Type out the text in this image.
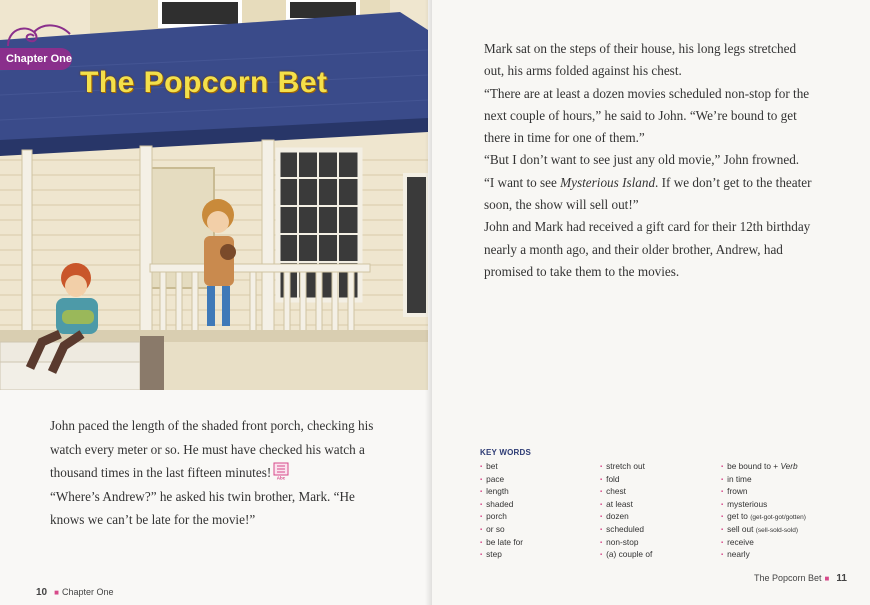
Chapter One
The Popcorn Bet

John paced the length of the shaded front porch, checking his watch every meter or so. He must have checked his watch a thousand times in the last fifteen minutes! Abc

“Where’s Andrew?” he asked his twin brother, Mark. “He knows we can’t be late for the movie!”

10 ■ Chapter One

Mark sat on the steps of their house, his long legs stretched out, his arms folded against his chest.

“There are at least a dozen movies scheduled non-stop for the next couple of hours,” he said to John. “We’re bound to get there in time for one of them.”

“But I don’t want to see just any old movie,” John frowned.

“I want to see Mysterious Island. If we don’t get to the theater soon, the show will sell out!”

John and Mark had received a gift card for their 12th birthday nearly a month ago, and their older brother, Andrew, had promised to take them to the movies.

KEY WORDS
▪ bet
▪ pace
▪ length
▪ shaded
▪ porch
▪ or so
▪ be late for
▪ step
▪ stretch out
▪ fold
▪ chest
▪ at least
▪ dozen
▪ scheduled
▪ non-stop
▪ (a) couple of
▪ be bound to + Verb
▪ in time
▪ frown
▪ mysterious
▪ get to (get-got-got/gotten)
▪ sell out (sell-sold-sold)
▪ receive
▪ nearly
The Popcorn Bet ■ 11
